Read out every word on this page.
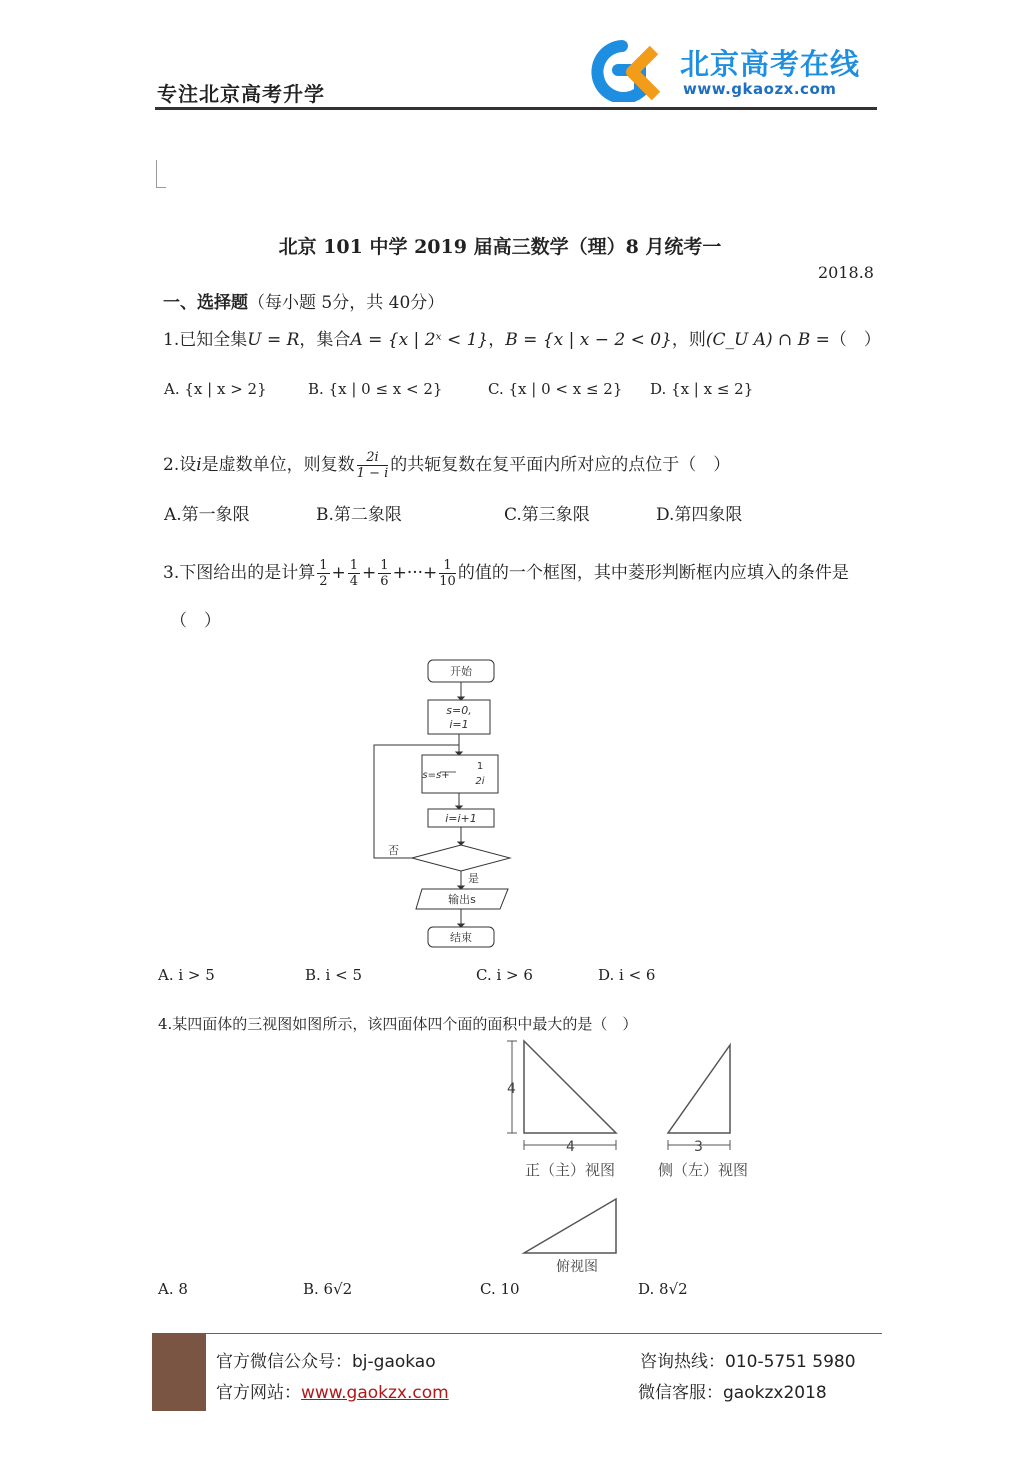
专注北京高考升学
北京高考在线
www.gkaozx.com
北京 101 中学 2019 届高三数学（理）8 月统考一
2018.8
一、选择题（每小题 5分，共 40分）
1.已知全集U = R，集合A = {x | 2ˣ < 1}，B = {x | x − 2 < 0}，则(C_U A) ∩ B =（　）
A. {x | x > 2}	B. {x | 0 ≤ x < 2}	C. {x | 0 < x ≤ 2} D. {x | x ≤ 2}
2.设i是虚数单位，则复数 $\frac{2i}{1 - i}$ 的共轭复数在复平面内所对应的点位于（　）
A.第一象限	B.第二象限	C.第三象限	D.第四象限
3.下图给出的是计算 $\frac{1}{2} + \frac{1}{4} + \frac{1}{6}$ +···+ $\frac{1}{10}$ 的值的一个框图，其中菱形判断框内应填入的条件是
（　）
开始
s=0,
i=1
s=s+
1
2i
i=i+1
否
是
输出s
结束
A. i > 5	B. i < 5	C. i > 6	D. i < 6
4.某四面体的三视图如图所示，该四面体四个面的面积中最大的是（　）
4
4	3
正（主）视图	侧（左）视图
俯视图
A. 8	B. 6√2	C. 10	D. 8√2
官方微信公众号：bj-gaokao
官方网站：www.gaokzx.com
咨询热线：010-5751 5980
微信客服：gaokzx2018
